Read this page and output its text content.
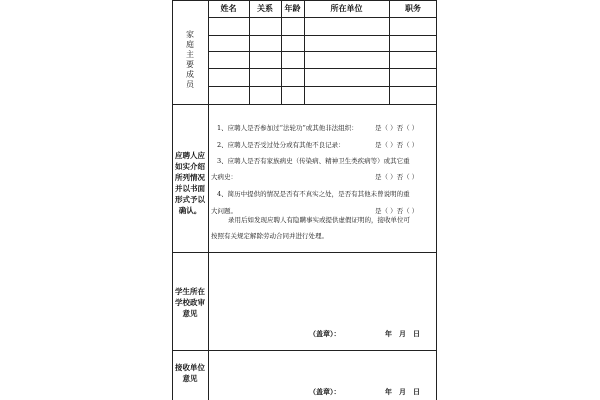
姓名	关系	年龄	所在单位	职务
家
庭
主
要
成
员
应聘人应
如实介绍
所列情况
并以书面
形式予以
确认。
1、应聘人是否参加过“法轮功”或其他非法组织：	是（ ）否（ ）
2、应聘人是否受过处分或有其他不良记录：	是（ ）否（ ）
3、应聘人是否有家族病史（传染病、精神卫生类疾病等）或其它重
大病史：	是（ ）否（ ）
4、简历中提供的情况是否有不真实之处，是否有其他未曾说明的重
大问题。	是（ ）否（ ）
录用后如发现应聘人有隐瞒事实或提供虚假证明的，接收单位可
按照有关规定解除劳动合同并进行处理。
学生所在
学校政审
意见
（盖章）：	年　月　日
接收单位
意见
（盖章）：	年　月　日
